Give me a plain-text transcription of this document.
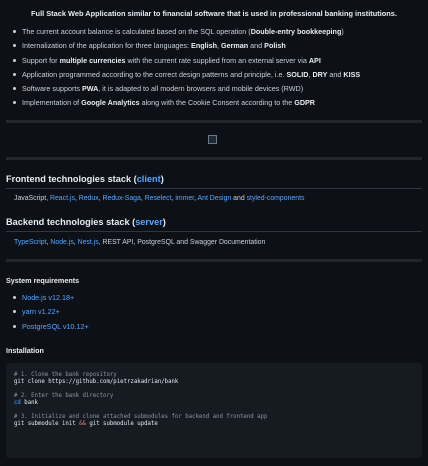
Full Stack Web Application similar to financial software that is used in professional banking institutions.
The current account balance is calculated based on the SQL operation (Double-entry bookkeeping)
Internalization of the application for three languages: English, German and Polish
Support for multiple currencies with the current rate supplied from an external server via API
Application programmed according to the correct design patterns and principle, i.e. SOLID, DRY and KISS
Software supports PWA, it is adapted to all modern browsers and mobile devices (RWD)
Implementation of Google Analytics along with the Cookie Consent according to the GDPR
Frontend technologies stack (client)
JavaScript, React.js, Redux, Redux-Saga, Reselect, immer, Ant Design and styled-components
Backend technologies stack (server)
TypeScript, Node.js, Nest.js, REST API, PostgreSQL and Swagger Documentation
System requirements
Node.js v12.18+
yarn v1.22+
PostgreSQL v10.12+
Installation
# 1. Clone the bank repository
git clone https://github.com/pietrzakadrian/bank
# 2. Enter the bank directory
cd bank
# 3. Initialize and clone attached submodules for backend and frontend app
git submodule init && git submodule update
